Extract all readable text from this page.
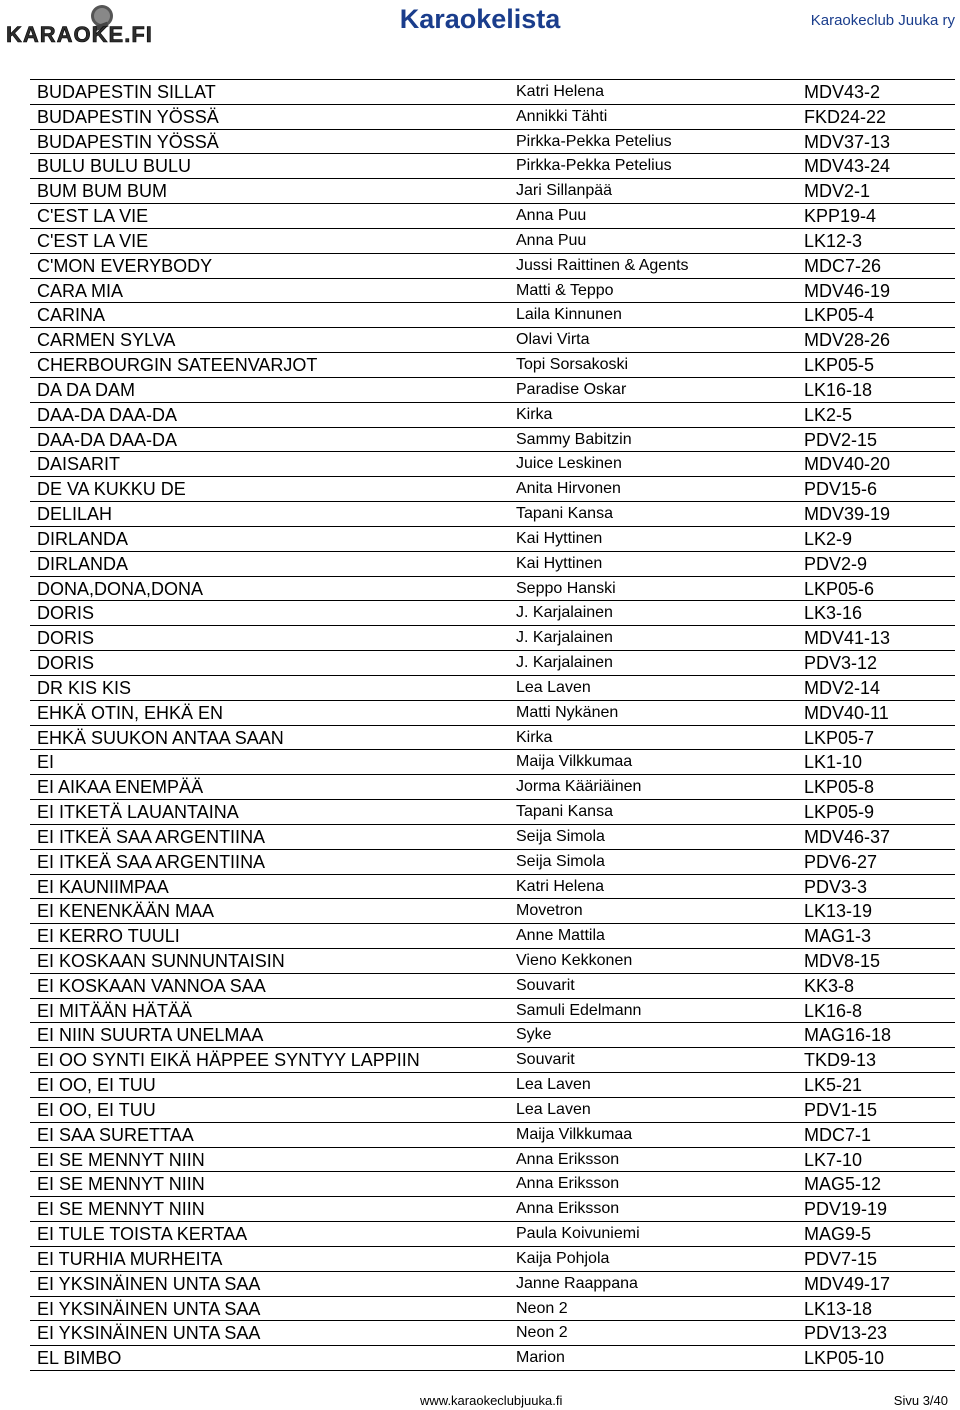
KARAOKE.FI
Karaokelista	Karaokeclub Juuka ry
BUDAPESTIN SILLAT	Katri Helena	MDV43-2
BUDAPESTIN YÖSSÄ	Annikki Tähti	FKD24-22
BUDAPESTIN YÖSSÄ	Pirkka-Pekka Petelius	MDV37-13
BULU BULU BULU	Pirkka-Pekka Petelius	MDV43-24
BUM BUM BUM	Jari Sillanpää	MDV2-1
C'EST LA VIE	Anna Puu	KPP19-4
C'EST LA VIE	Anna Puu	LK12-3
C'MON EVERYBODY	Jussi Raittinen & Agents	MDC7-26
CARA MIA	Matti & Teppo	MDV46-19
CARINA	Laila Kinnunen	LKP05-4
CARMEN SYLVA	Olavi Virta	MDV28-26
CHERBOURGIN SATEENVARJOT	Topi Sorsakoski	LKP05-5
DA DA DAM	Paradise Oskar	LK16-18
DAA-DA DAA-DA	Kirka	LK2-5
DAA-DA DAA-DA	Sammy Babitzin	PDV2-15
DAISARIT	Juice Leskinen	MDV40-20
DE VA KUKKU DE	Anita Hirvonen	PDV15-6
DELILAH	Tapani Kansa	MDV39-19
DIRLANDA	Kai Hyttinen	LK2-9
DIRLANDA	Kai Hyttinen	PDV2-9
DONA,DONA,DONA	Seppo Hanski	LKP05-6
DORIS	J. Karjalainen	LK3-16
DORIS	J. Karjalainen	MDV41-13
DORIS	J. Karjalainen	PDV3-12
DR KIS KIS	Lea Laven	MDV2-14
EHKÄ OTIN, EHKÄ EN	Matti Nykänen	MDV40-11
EHKÄ SUUKON ANTAA SAAN	Kirka	LKP05-7
EI	Maija Vilkkumaa	LK1-10
EI AIKAA ENEMPÄÄ	Jorma Kääriäinen	LKP05-8
EI ITKETÄ LAUANTAINA	Tapani Kansa	LKP05-9
EI ITKEÄ SAA ARGENTIINA	Seija Simola	MDV46-37
EI ITKEÄ SAA ARGENTIINA	Seija Simola	PDV6-27
EI KAUNIIMPAA	Katri Helena	PDV3-3
EI KENENKÄÄN MAA	Movetron	LK13-19
EI KERRO TUULI	Anne Mattila	MAG1-3
EI KOSKAAN SUNNUNTAISIN	Vieno Kekkonen	MDV8-15
EI KOSKAAN VANNOA SAA	Souvarit	KK3-8
EI MITÄÄN HÄTÄÄ	Samuli Edelmann	LK16-8
EI NIIN SUURTA UNELMAA	Syke	MAG16-18
EI OO SYNTI EIKÄ HÄPPEE SYNTYY LAPPIIN	Souvarit	TKD9-13
EI OO, EI TUU	Lea Laven	LK5-21
EI OO, EI TUU	Lea Laven	PDV1-15
EI SAA SURETTAA	Maija Vilkkumaa	MDC7-1
EI SE MENNYT NIIN	Anna Eriksson	LK7-10
EI SE MENNYT NIIN	Anna Eriksson	MAG5-12
EI SE MENNYT NIIN	Anna Eriksson	PDV19-19
EI TULE TOISTA KERTAA	Paula Koivuniemi	MAG9-5
EI TURHIA MURHEITA	Kaija Pohjola	PDV7-15
EI YKSINÄINEN UNTA SAA	Janne Raappana	MDV49-17
EI YKSINÄINEN UNTA SAA	Neon 2	LK13-18
EI YKSINÄINEN UNTA SAA	Neon 2	PDV13-23
EL BIMBO	Marion	LKP05-10
www.karaokeclubjuuka.fi	Sivu 3/40
